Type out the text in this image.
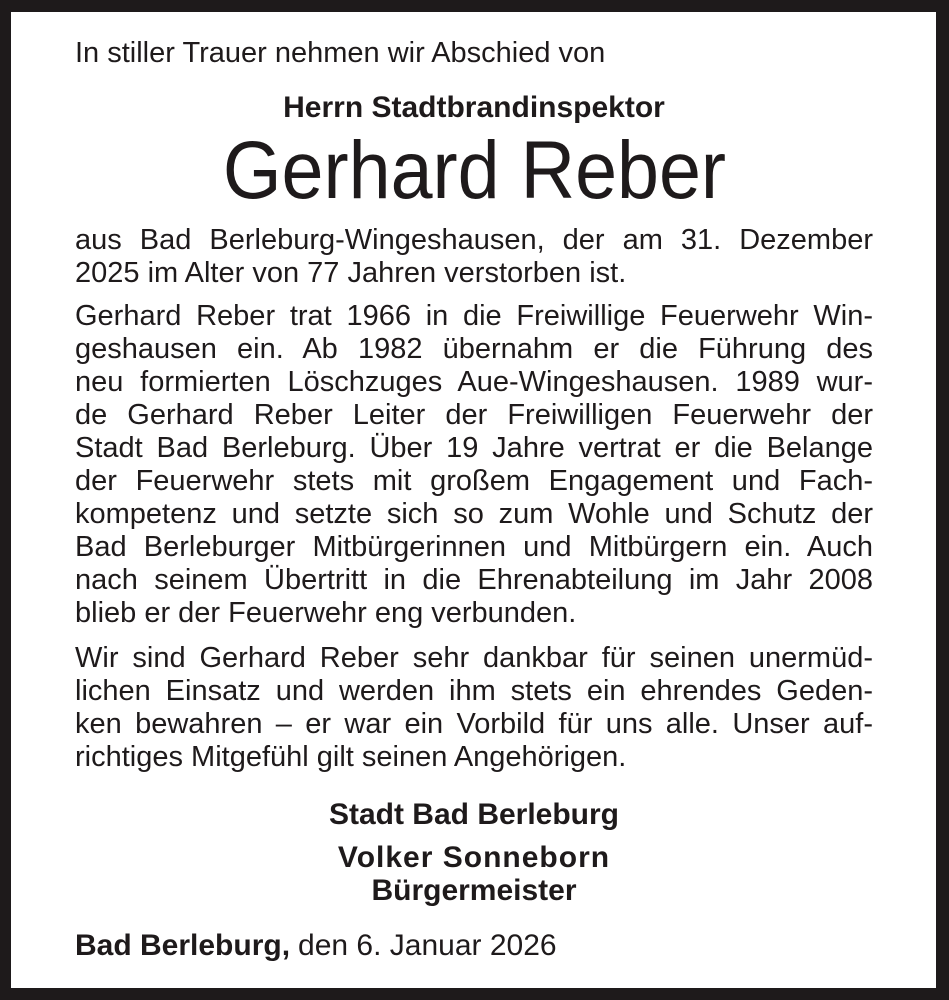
In stiller Trauer nehmen wir Abschied von
Herrn Stadtbrandinspektor
Gerhard Reber
aus Bad Berleburg-Wingeshausen, der am 31. Dezember
2025 im Alter von 77 Jahren verstorben ist.
Gerhard Reber trat 1966 in die Freiwillige Feuerwehr Win-
geshausen ein. Ab 1982 übernahm er die Führung des
neu formierten Löschzuges Aue-Wingeshausen. 1989 wur-
de Gerhard Reber Leiter der Freiwilligen Feuerwehr der
Stadt Bad Berleburg. Über 19 Jahre vertrat er die Belange
der Feuerwehr stets mit großem Engagement und Fach-
kompetenz und setzte sich so zum Wohle und Schutz der
Bad Berleburger Mitbürgerinnen und Mitbürgern ein. Auch
nach seinem Übertritt in die Ehrenabteilung im Jahr 2008
blieb er der Feuerwehr eng verbunden.
Wir sind Gerhard Reber sehr dankbar für seinen unermüd-
lichen Einsatz und werden ihm stets ein ehrendes Geden-
ken bewahren – er war ein Vorbild für uns alle. Unser auf-
richtiges Mitgefühl gilt seinen Angehörigen.
Stadt Bad Berleburg
Volker Sonneborn
Bürgermeister
Bad Berleburg, den 6. Januar 2026
